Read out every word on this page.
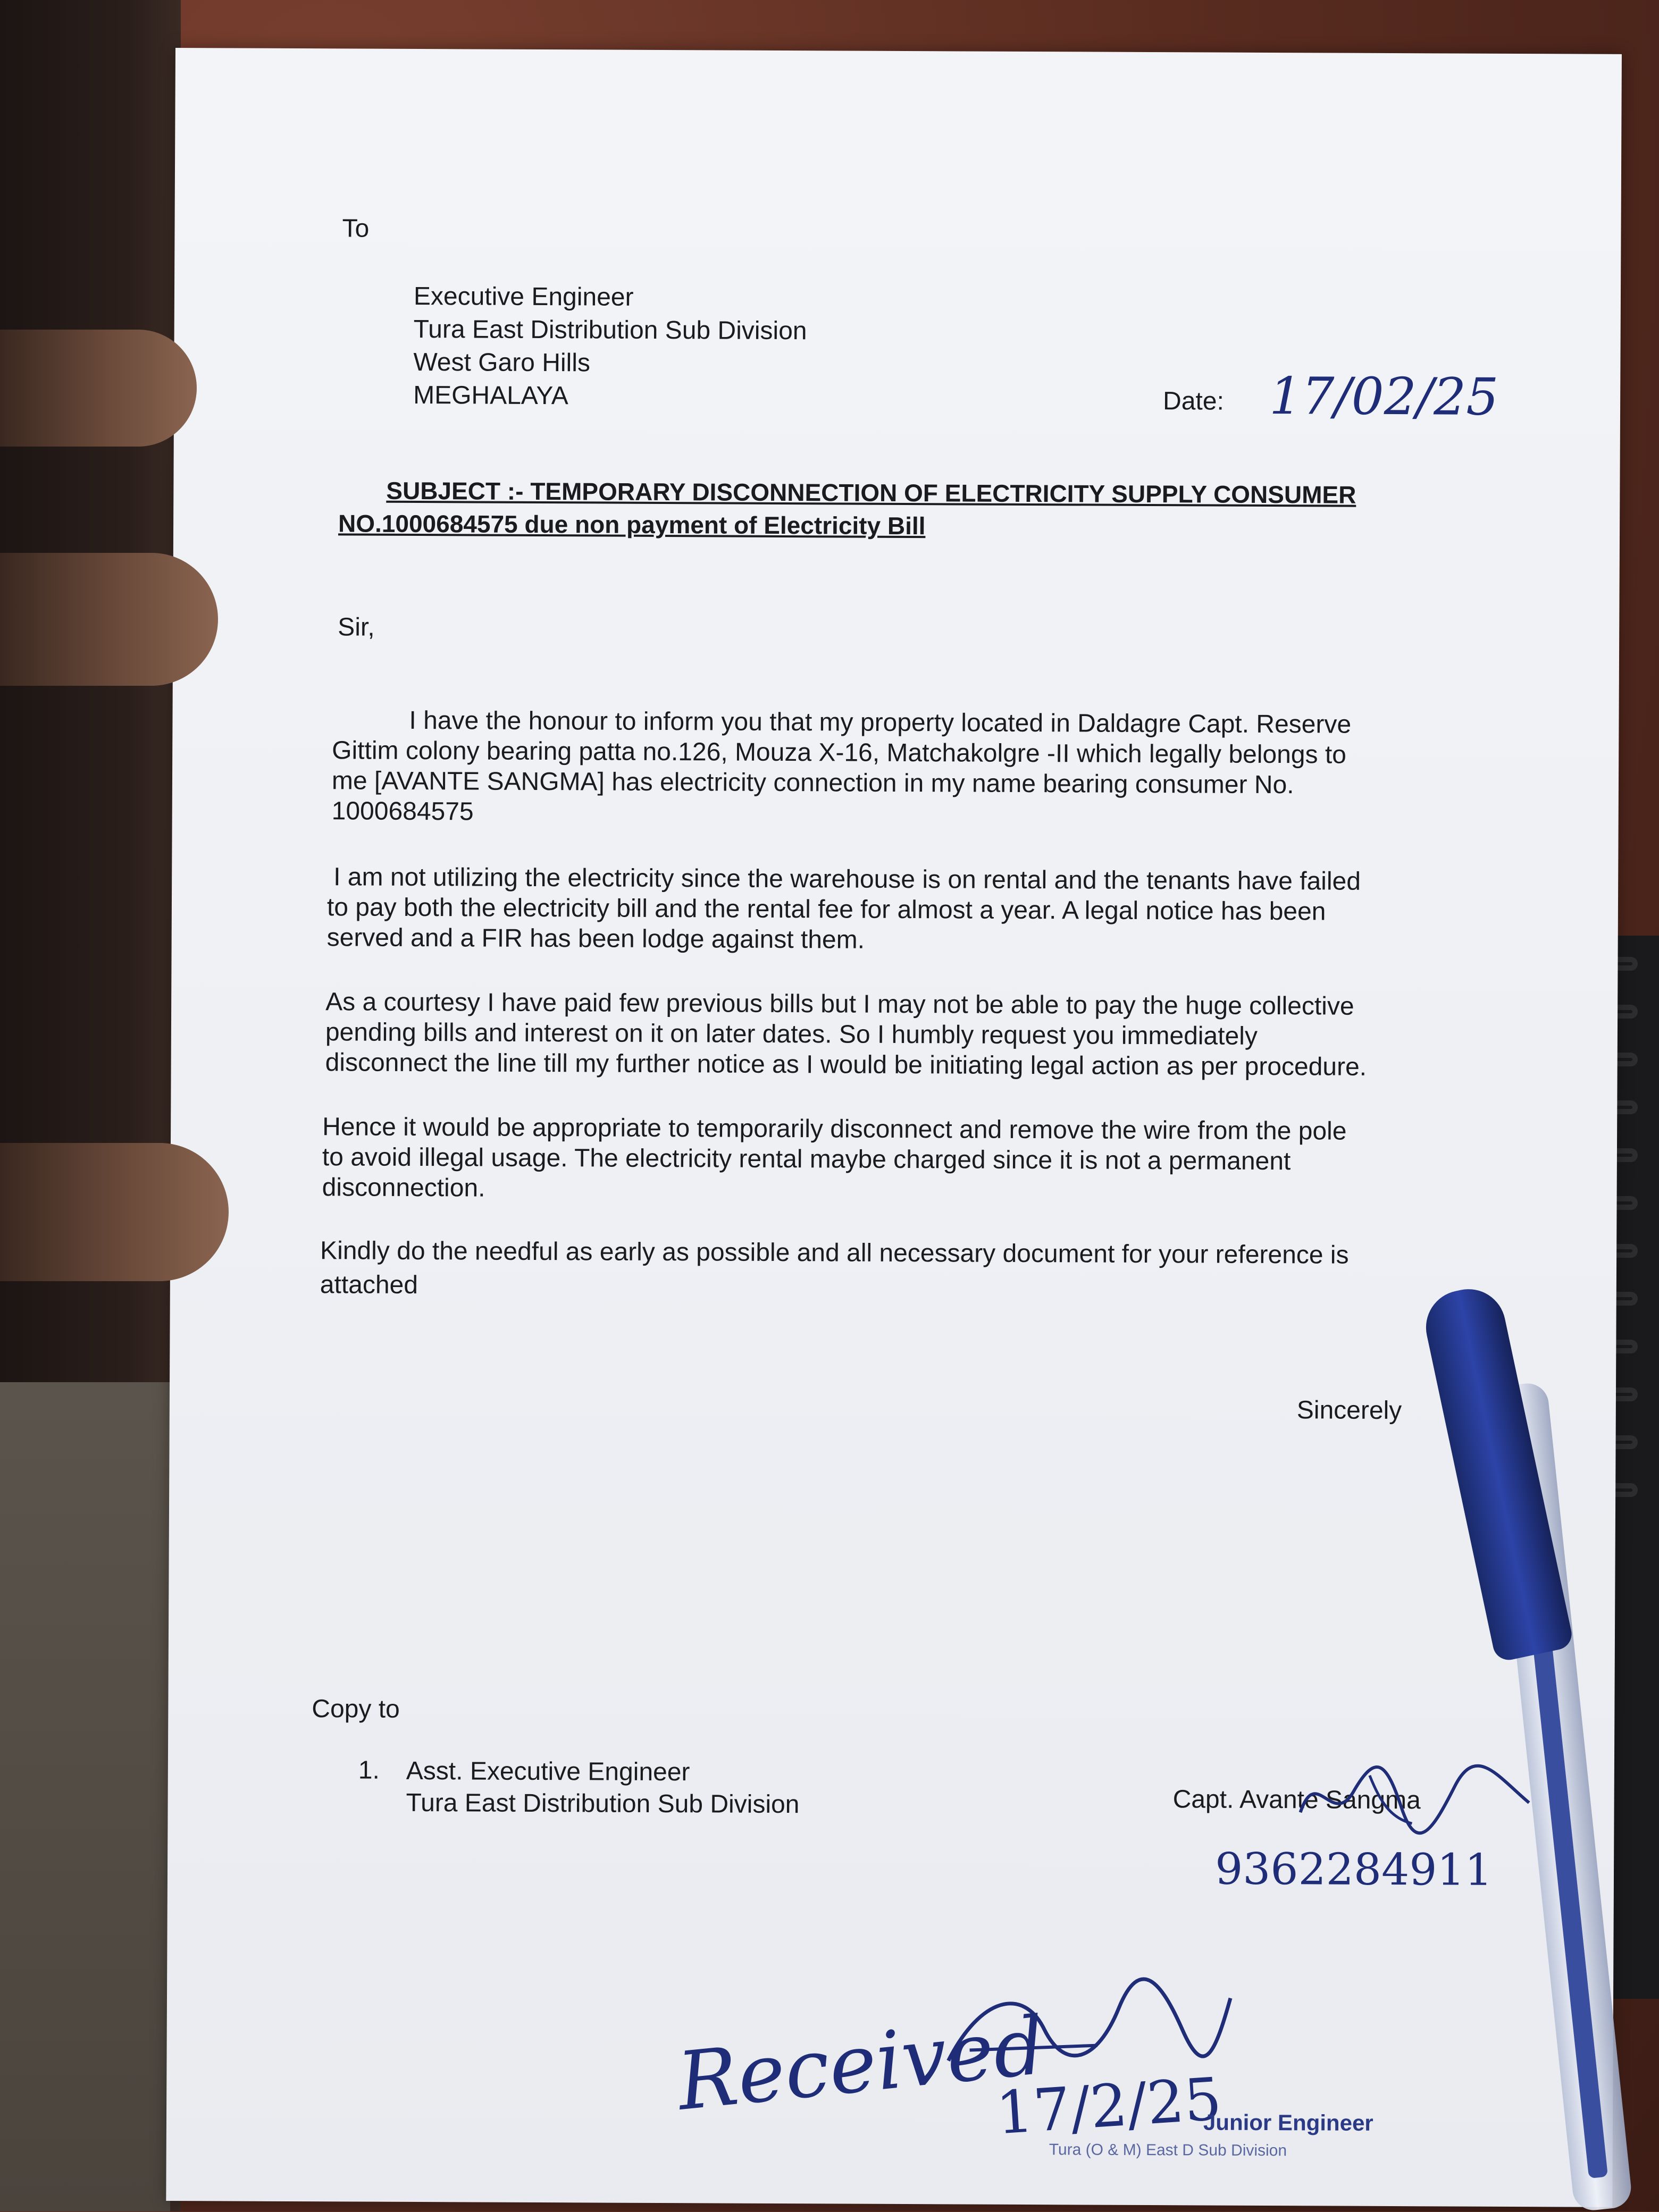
To
Executive Engineer
Tura East Distribution Sub Division
West Garo Hills
MEGHALAYA	Date: 17/02/25
SUBJECT :- TEMPORARY DISCONNECTION OF ELECTRICITY SUPPLY CONSUMER
NO.1000684575 due non payment of Electricity Bill
Sir,
I have the honour to inform you that my property located in Daldagre Capt. Reserve
Gittim colony bearing patta no.126, Mouza X-16, Matchakolgre -II which legally belongs to
me [AVANTE SANGMA] has electricity connection in my name bearing consumer No.
1000684575
I am not utilizing the electricity since the warehouse is on rental and the tenants have failed
to pay both the electricity bill and the rental fee for almost a year. A legal notice has been
served and a FIR has been lodge against them.
As a courtesy I have paid few previous bills but I may not be able to pay the huge collective
pending bills and interest on it on later dates. So I humbly request you immediately
disconnect the line till my further notice as I would be initiating legal action as per procedure.
Hence it would be appropriate to temporarily disconnect and remove the wire from the pole
to avoid illegal usage. The electricity rental maybe charged since it is not a permanent
disconnection.
Kindly do the needful as early as possible and all necessary document for your reference is
attached
Sincerely
Copy to
1. Asst. Executive Engineer
Tura East Distribution Sub Division	Capt. Avante Sangma
9362284911
Received
17/2/25
Junior Engineer
Tura (O & M) East D Sub Division
